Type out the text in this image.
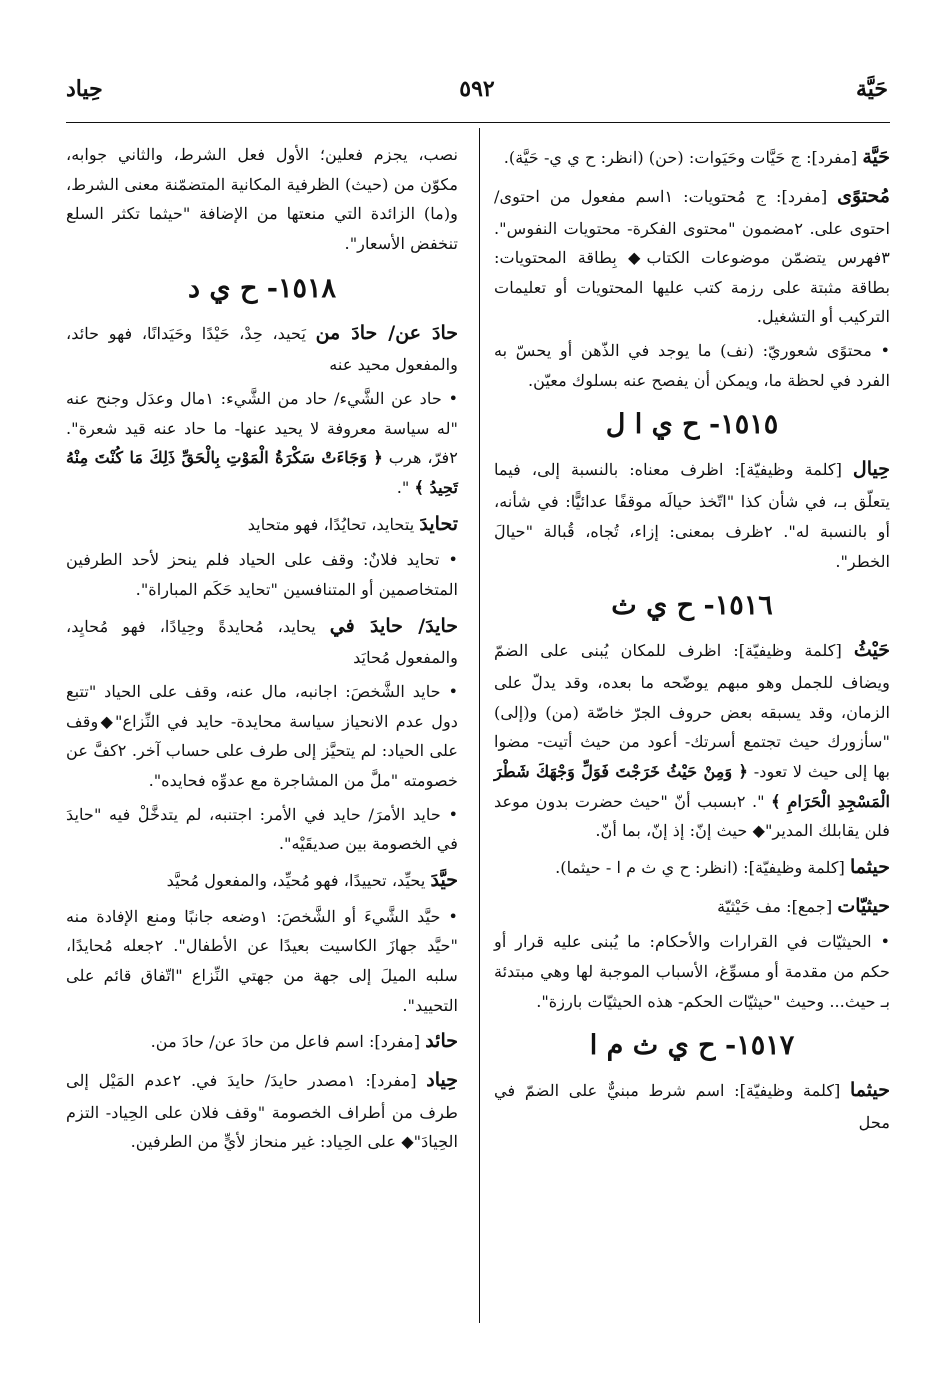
حَيَّة
٥٩٢
حِياد

حَيَّة [مفرد]: ج حَيَّات وحَيَوات: (حن) (انظر: ح ي ي- حَيَّة).

مُحتوًى [مفرد]: ج مُحتويات: ١اسم مفعول من احتوى/ احتوى على. ٢مضمون "محتوى الفكرة- محتويات النفوس". ٣فهرس يتضمّن موضوعات الكتاب◆ بِطاقة المحتويات: بطاقة مثبتة على رزمة كتب عليها المحتويات أو تعليمات التركيب أو التشغيل.

• محتوًى شعوريّ: (نف) ما يوجد في الذّهن أو يحسّ به الفرد في لحظة ما، ويمكن أن يفصح عنه بسلوك معيّن.

١٥١٥- ح ي ا ل

حِيال [كلمة وظيفيّة]: اظرف معناه: بالنسبة إلى، فيما يتعلّق بـ، في شأن كذا "اتّخذ حيالَه موقفًا عدائيًّا: في شأنه، أو بالنسبة له". ٢ظرف بمعنى: إزاء، تُجاه، قُبالة "حيالَ الخطر".

١٥١٦- ح ي ث

حَيْثُ [كلمة وظيفيّة]: اظرف للمكان يُبنى على الضمّ ويضاف للجمل وهو مبهم يوضّحه ما بعده، وقد يدلّ على الزمان، وقد يسبقه بعض حروف الجرّ خاصّة (من) و(إلى) "سأزورك حيث تجتمع أسرتك- أعود من حيث أتيت- مضوا بها إلى حيث لا تعود- ﴿ وَمِنْ حَيْثُ خَرَجْتَ فَوَلِّ وَجْهَكَ شَطْرَ الْمَسْجِدِ الْحَرَامِ ﴾ ". ٢بسبب أنّ "حيث حضرت بدون موعد فلن يقابلك المدير"◆ حيث إنّ: إذ إنّ، بما أنّ.

حيثما [كلمة وظيفيّة]: (انظر: ح ي ث م ا - حيثما).

حيثيّات [جمع]: مف حَيْثيّة

• الحيثيّات في القرارات والأحكام: ما يُبنى عليه قرار أو حكم من مقدمة أو مسوِّغ، الأسباب الموجبة لها وهي مبتدئة بـ حيث... وحيث "حيثيّات الحكم- هذه الحيثيّات بارزة".

١٥١٧- ح ي ث م ا

حيثما [كلمة وظيفيّة]: اسم شرط مبنيٌّ على الضمّ في محل

نصب، يجزم فعلين؛ الأول فعل الشرط، والثاني جوابه، مكوّن من (حيث) الظرفية المكانية المتضمّنة معنى الشرط، و(ما) الزائدة التي منعتها من الإضافة "حيثما تكثر السلع تنخفض الأسعار".

١٥١٨- ح ي د

حادَ عن/ حادَ من يَحيد، حِدْ، حَيْدًا وحَيَدانًا، فهو حائد، والمفعول محيد عنه

• حاد عن الشَّيء/ حاد من الشَّيء: ١مال وعدَل وجنح عنه "له سياسة معروفة لا يحيد عنها- ما حاد عنه قيد شعرة". ٢فرّ، هرب ﴿ وَجَاءَتْ سَكْرَةُ الْمَوْتِ بِالْحَقِّ ذَلِكَ مَا كُنْتَ مِنْهُ تَحِيدُ ﴾ ".

تحايدَ يتحايد، تحايُدًا، فهو متحايد

• تحايد فلانٌ: وقف على الحياد فلم ينحز لأحد الطرفين المتخاصمين أو المتنافسين "تحايد حَكَم المباراة".

حايدَ/ حايدَ في يحايد، مُحايدةً وحِيادًا، فهو مُحايِد، والمفعول مُحايَد

• حايد الشَّخصَ: اجانبه، مال عنه، وقف على الحياد "تتبع دول عدم الانحياز سياسة محايدة- حايد في النِّزاع"◆وقف على الحياد: لم يتحيَّز إلى طرف على حساب آخر. ٢كفَّ عن خصومته "ملَّ من المشاجرة مع عدوِّه فحايده".

• حايد الأمرَ/ حايد في الأمر: اجتنبه، لم يتدخَّلْ فيه "حايدَ في الخصومة بين صديقَيْه".

حيَّدَ يحيِّد، تحييدًا، فهو مُحيِّد، والمفعول مُحيَّد

• حيَّد الشَّيءَ أو الشَّخصَ: ١وضعه جانبًا ومنع الإفادة منه "حيَّد جهازَ الكاسيت بعيدًا عن الأطفال". ٢جعله مُحايدًا، سلبه الميلَ إلى جهة من جهتي النِّزاع "اتّفاق قائم على التحييد".

حائد [مفرد]: اسم فاعل من حادَ عن/ حادَ من.

حِياد [مفرد]: ١مصدر حايدَ/ حايدَ في. ٢عدم المَيْل إلى طرف من أطراف الخصومة "وقف فلان على الحِياد- التزم الحِيادَ"◆ على الحِياد: غير منحاز لأيٍّ من الطرفين.
